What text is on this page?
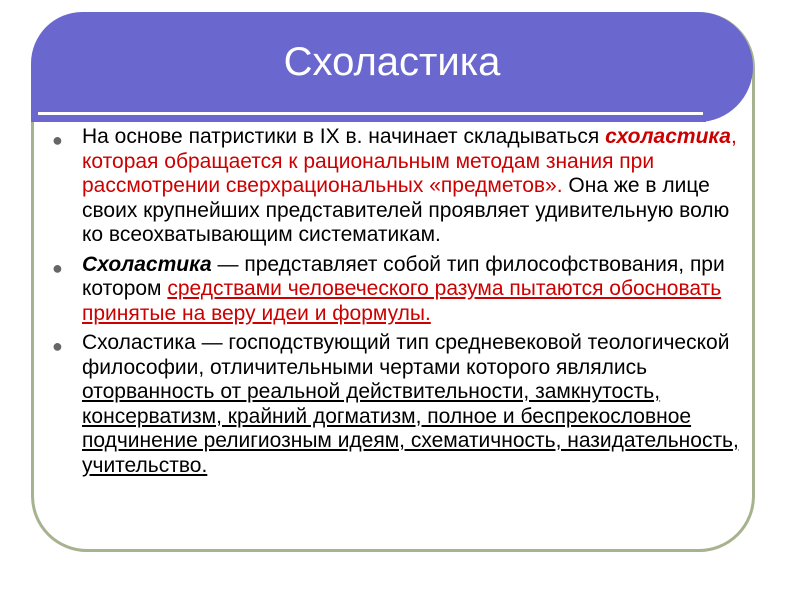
Схоластика
● На основе патристики в IX в. начинает складываться схоластика, которая обращается к рациональным методам знания при рассмотрении сверхрациональных «предметов». Она же в лице своих крупнейших представителей проявляет удивительную волю ко всеохватывающим систематикам.
● Схоластика — представляет собой тип философствования, при котором средствами человеческого разума пытаются обосновать принятые на веру идеи и формулы.
● Схоластика — господствующий тип средневековой теологической философии, отличительными чертами которого являлись оторванность от реальной действительности, замкнутость, консерватизм, крайний догматизм, полное и беспрекословное подчинение религиозным идеям, схематичность, назидательность, учительство.
